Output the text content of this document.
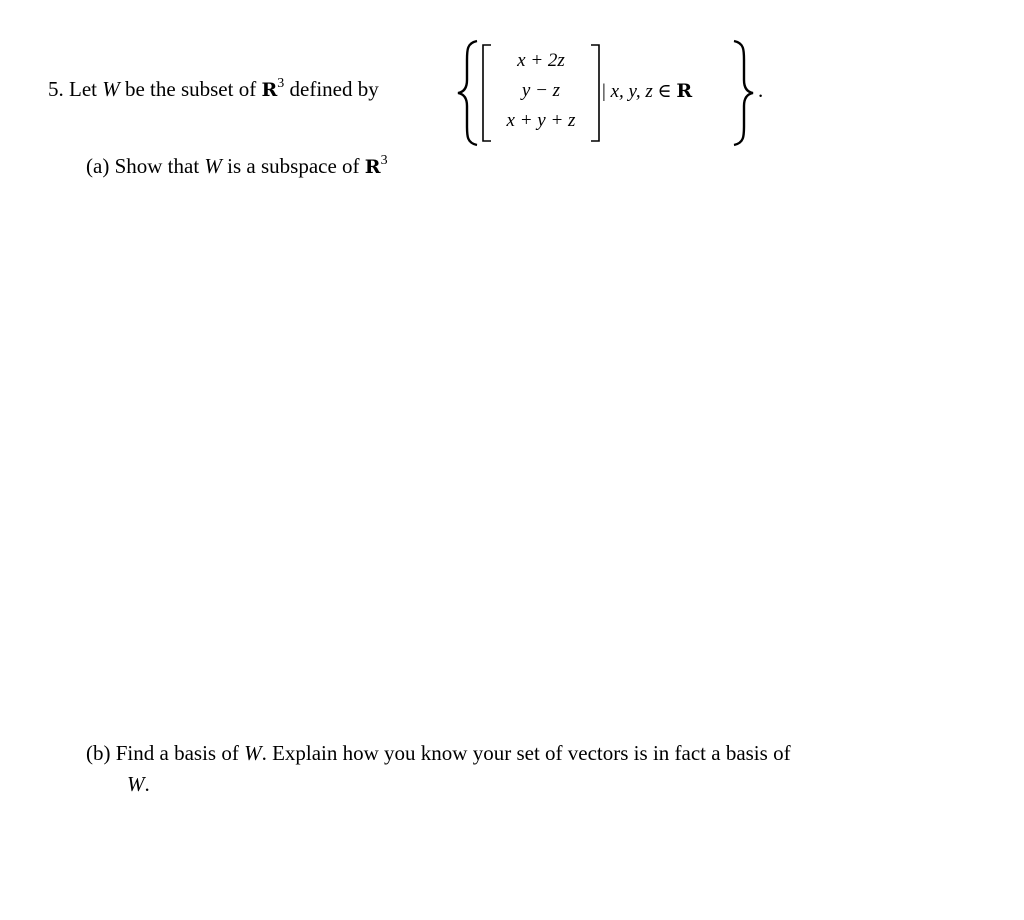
5. Let W be the subset of $R^3$ defined by
x + 2z
y − z
x + y + z
| x, y, z ∈ R	.
(a) Show that W is a subspace of $R^3$
(b) Find a basis of W. Explain how you know your set of vectors is in fact a basis of
W.
